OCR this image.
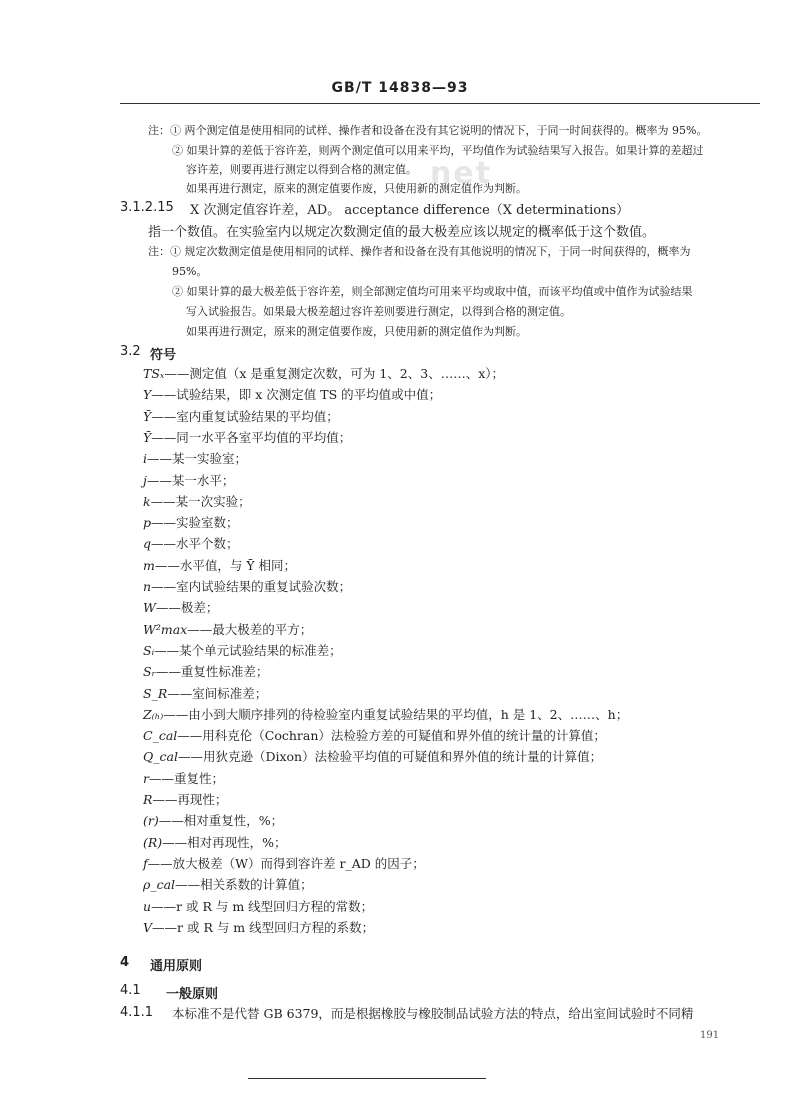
GB/T 14838—93
net
注：① 两个测定值是使用相同的试样、操作者和设备在没有其它说明的情况下，于同一时间获得的。概率为 95%。
② 如果计算的差低于容许差，则两个测定值可以用来平均，平均值作为试验结果写入报告。如果计算的差超过
容许差，则要再进行测定以得到合格的测定值。
如果再进行测定，原来的测定值要作废，只使用新的测定值作为判断。
3.1.2.15 X 次测定值容许差，AD。 acceptance difference（X determinations）
指一个数值。在实验室内以规定次数测定值的最大极差应该以规定的概率低于这个数值。
注：① 规定次数测定值是使用相同的试样、操作者和设备在没有其他说明的情况下，于同一时间获得的，概率为
95%。
② 如果计算的最大极差低于容许差，则全部测定值均可用来平均或取中值，而该平均值或中值作为试验结果
写入试验报告。如果最大极差超过容许差则要进行测定，以得到合格的测定值。
如果再进行测定，原来的测定值要作废，只使用新的测定值作为判断。
3.2 符号
TSₓ——测定值（x 是重复测定次数，可为 1、2、3、……、x）；
Y——试验结果，即 x 次测定值 TS 的平均值或中值；
Ȳ——室内重复试验结果的平均值；
Ȳ——同一水平各室平均值的平均值；
i——某一实验室；
j——某一水平；
k——某一次实验；
p——实验室数；
q——水平个数；
m——水平值，与 Ȳ 相同；
n——室内试验结果的重复试验次数；
W——极差；
W²max——最大极差的平方；
Sᵢ——某个单元试验结果的标准差；
Sᵣ——重复性标准差；
S_R——室间标准差；
Z₍ₕ₎——由小到大顺序排列的待检验室内重复试验结果的平均值，h 是 1、2、……、h；
C_cal——用科克伦（Cochran）法检验方差的可疑值和界外值的统计量的计算值；
Q_cal——用狄克逊（Dixon）法检验平均值的可疑值和界外值的统计量的计算值；
r——重复性；
R——再现性；
(r)——相对重复性，%；
(R)——相对再现性，%；
f——放大极差（W）而得到容许差 r_AD 的因子；
ρ_cal——相关系数的计算值；
u——r 或 R 与 m 线型回归方程的常数；
V——r 或 R 与 m 线型回归方程的系数；
4 通用原则
4.1 一般原则
4.1.1 本标准不是代替 GB 6379，而是根据橡胶与橡胶制品试验方法的特点，给出室间试验时不同精
191
